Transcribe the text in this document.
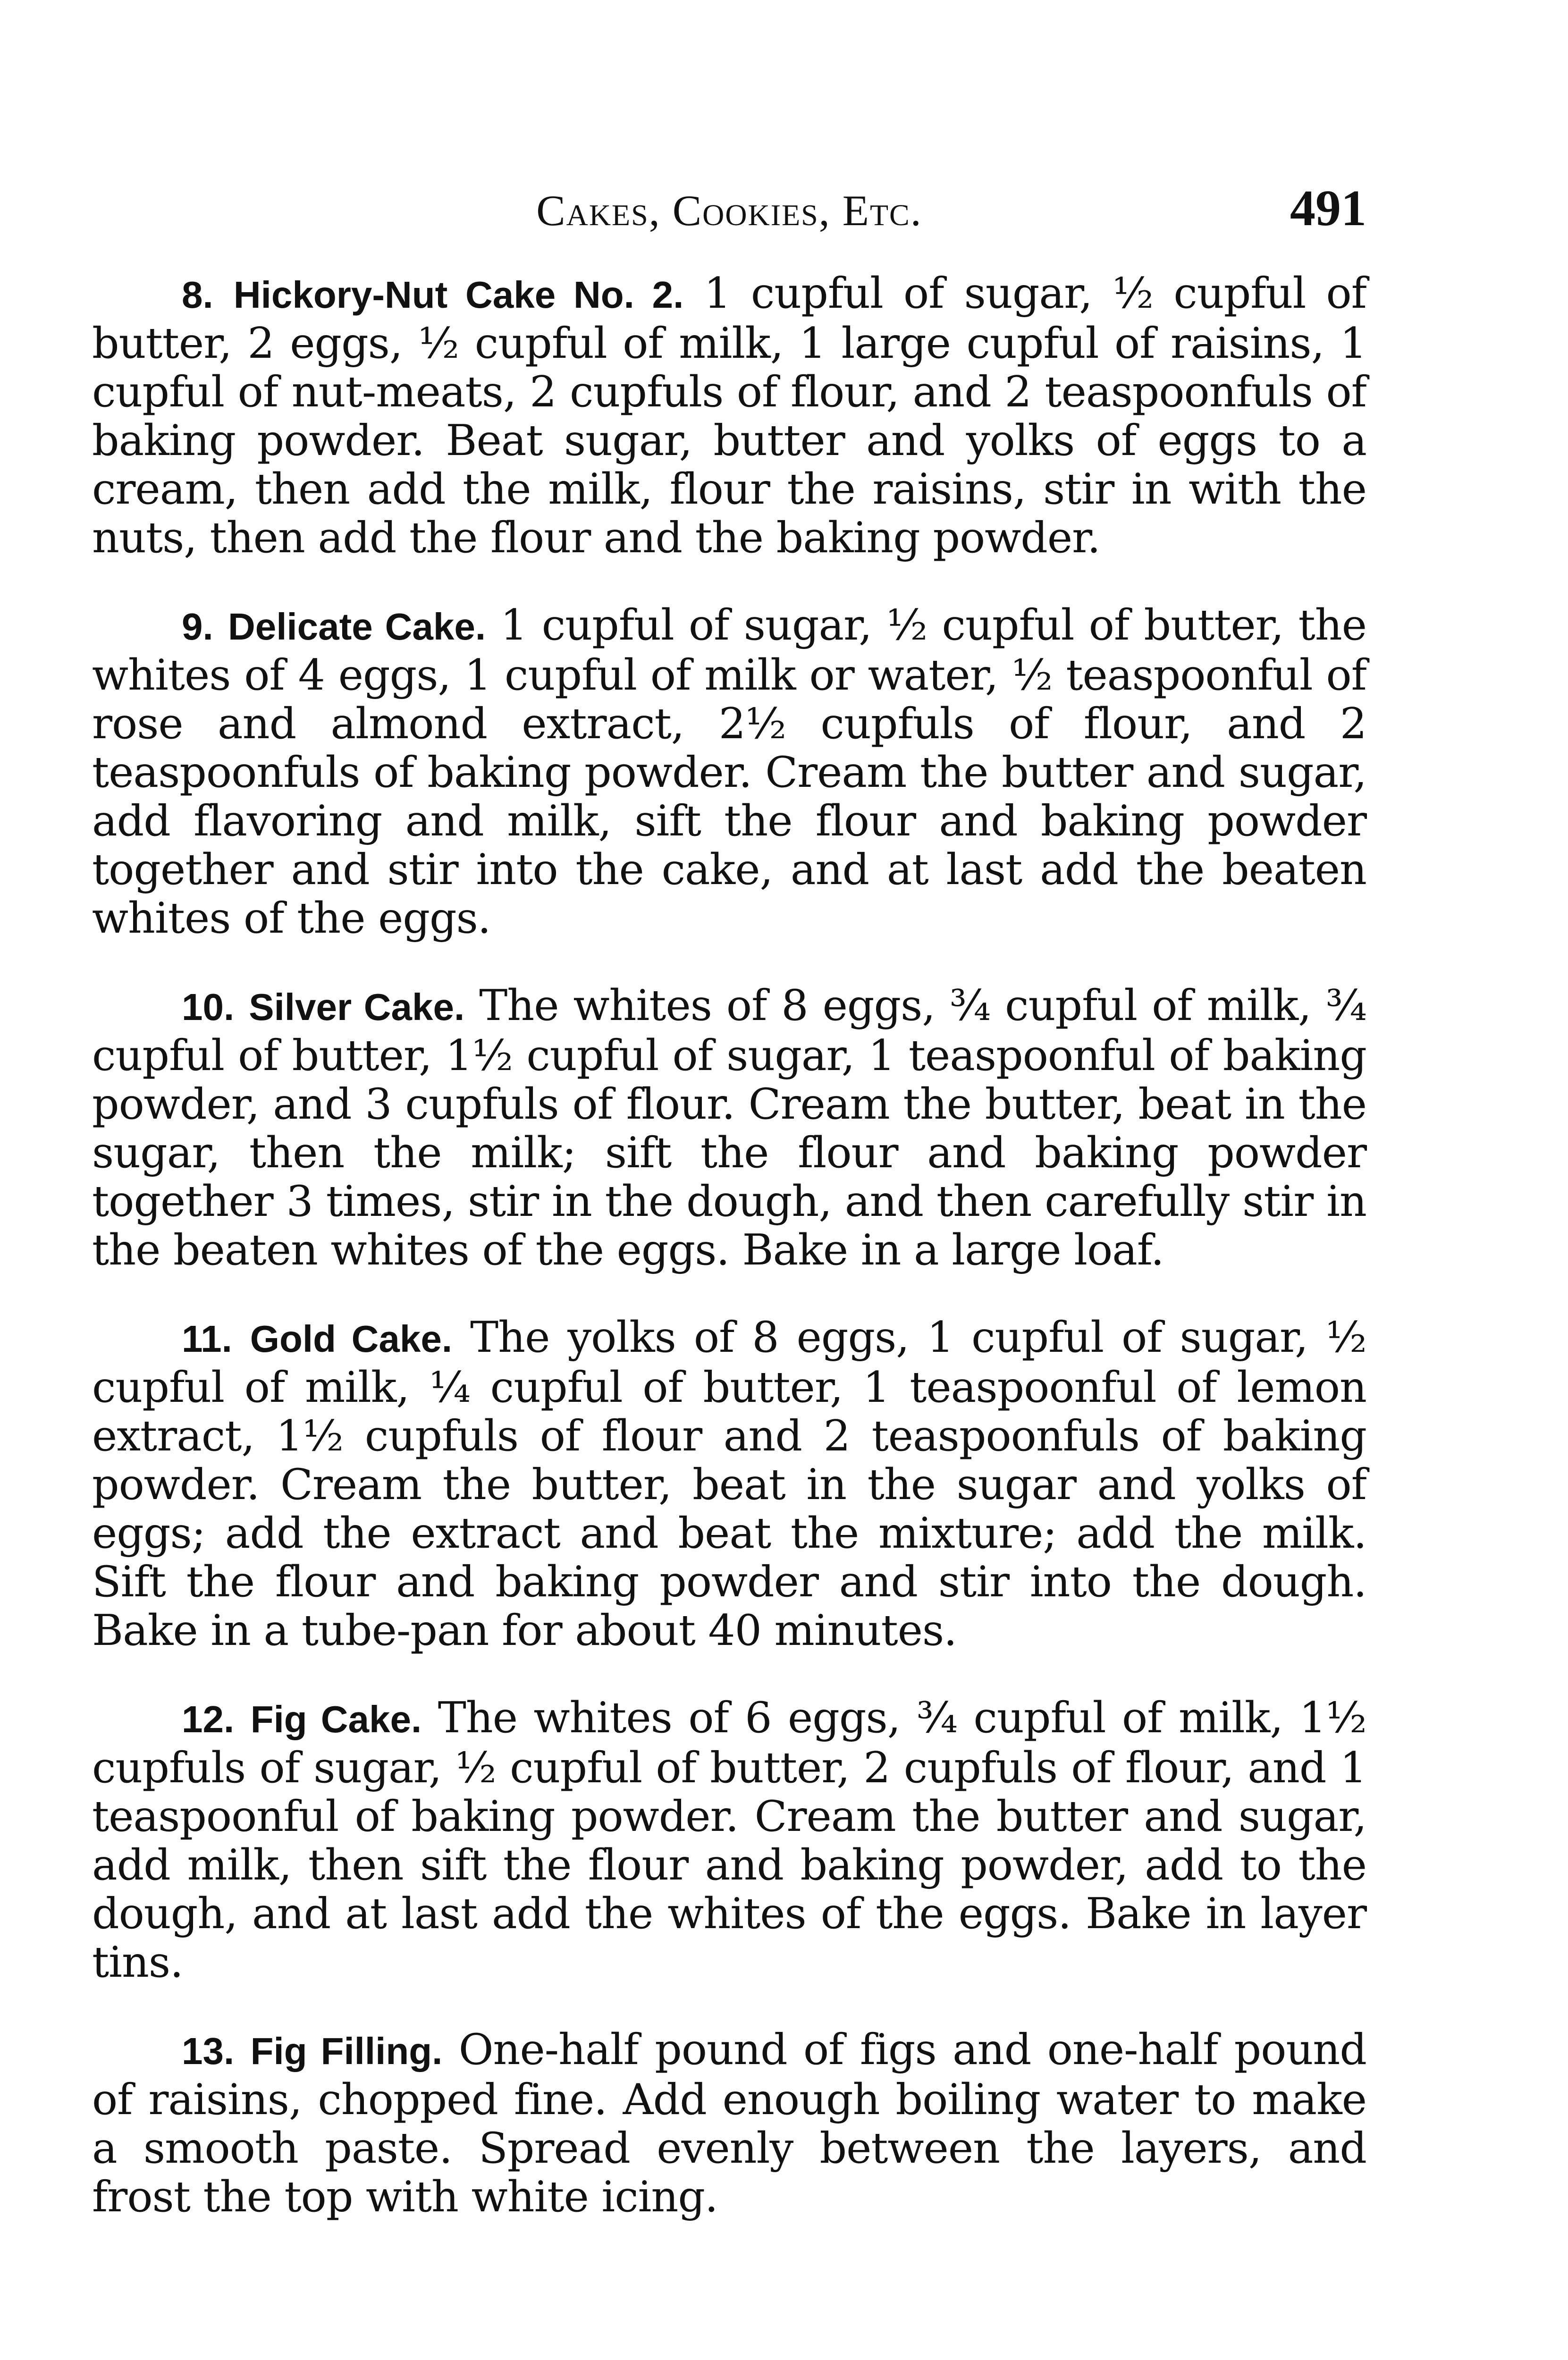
Cakes, Cookies, Etc.	491

8. Hickory-Nut Cake No. 2. 1 cupful of sugar, ½ cupful of butter, 2 eggs, ½ cupful of milk, 1 large cupful of raisins, 1 cupful of nut-meats, 2 cupfuls of flour, and 2 teaspoonfuls of baking powder. Beat sugar, butter and yolks of eggs to a cream, then add the milk, flour the raisins, stir in with the nuts, then add the flour and the baking powder.

9. Delicate Cake. 1 cupful of sugar, ½ cupful of butter, the whites of 4 eggs, 1 cupful of milk or water, ½ teaspoonful of rose and almond extract, 2½ cupfuls of flour, and 2 teaspoonfuls of baking powder. Cream the butter and sugar, add flavoring and milk, sift the flour and baking powder together and stir into the cake, and at last add the beaten whites of the eggs.

10. Silver Cake. The whites of 8 eggs, ¾ cupful of milk, ¾ cupful of butter, 1½ cupful of sugar, 1 teaspoonful of baking powder, and 3 cupfuls of flour. Cream the butter, beat in the sugar, then the milk; sift the flour and baking powder together 3 times, stir in the dough, and then carefully stir in the beaten whites of the eggs. Bake in a large loaf.

11. Gold Cake. The yolks of 8 eggs, 1 cupful of sugar, ½ cupful of milk, ¼ cupful of butter, 1 teaspoonful of lemon extract, 1½ cupfuls of flour and 2 teaspoonfuls of baking powder. Cream the butter, beat in the sugar and yolks of eggs; add the extract and beat the mixture; add the milk. Sift the flour and baking powder and stir into the dough. Bake in a tube-pan for about 40 minutes.

12. Fig Cake. The whites of 6 eggs, ¾ cupful of milk, 1½ cupfuls of sugar, ½ cupful of butter, 2 cupfuls of flour, and 1 teaspoonful of baking powder. Cream the butter and sugar, add milk, then sift the flour and baking powder, add to the dough, and at last add the whites of the eggs. Bake in layer tins.

13. Fig Filling. One-half pound of figs and one-half pound of raisins, chopped fine. Add enough boiling water to make a smooth paste. Spread evenly between the layers, and frost the top with white icing.
